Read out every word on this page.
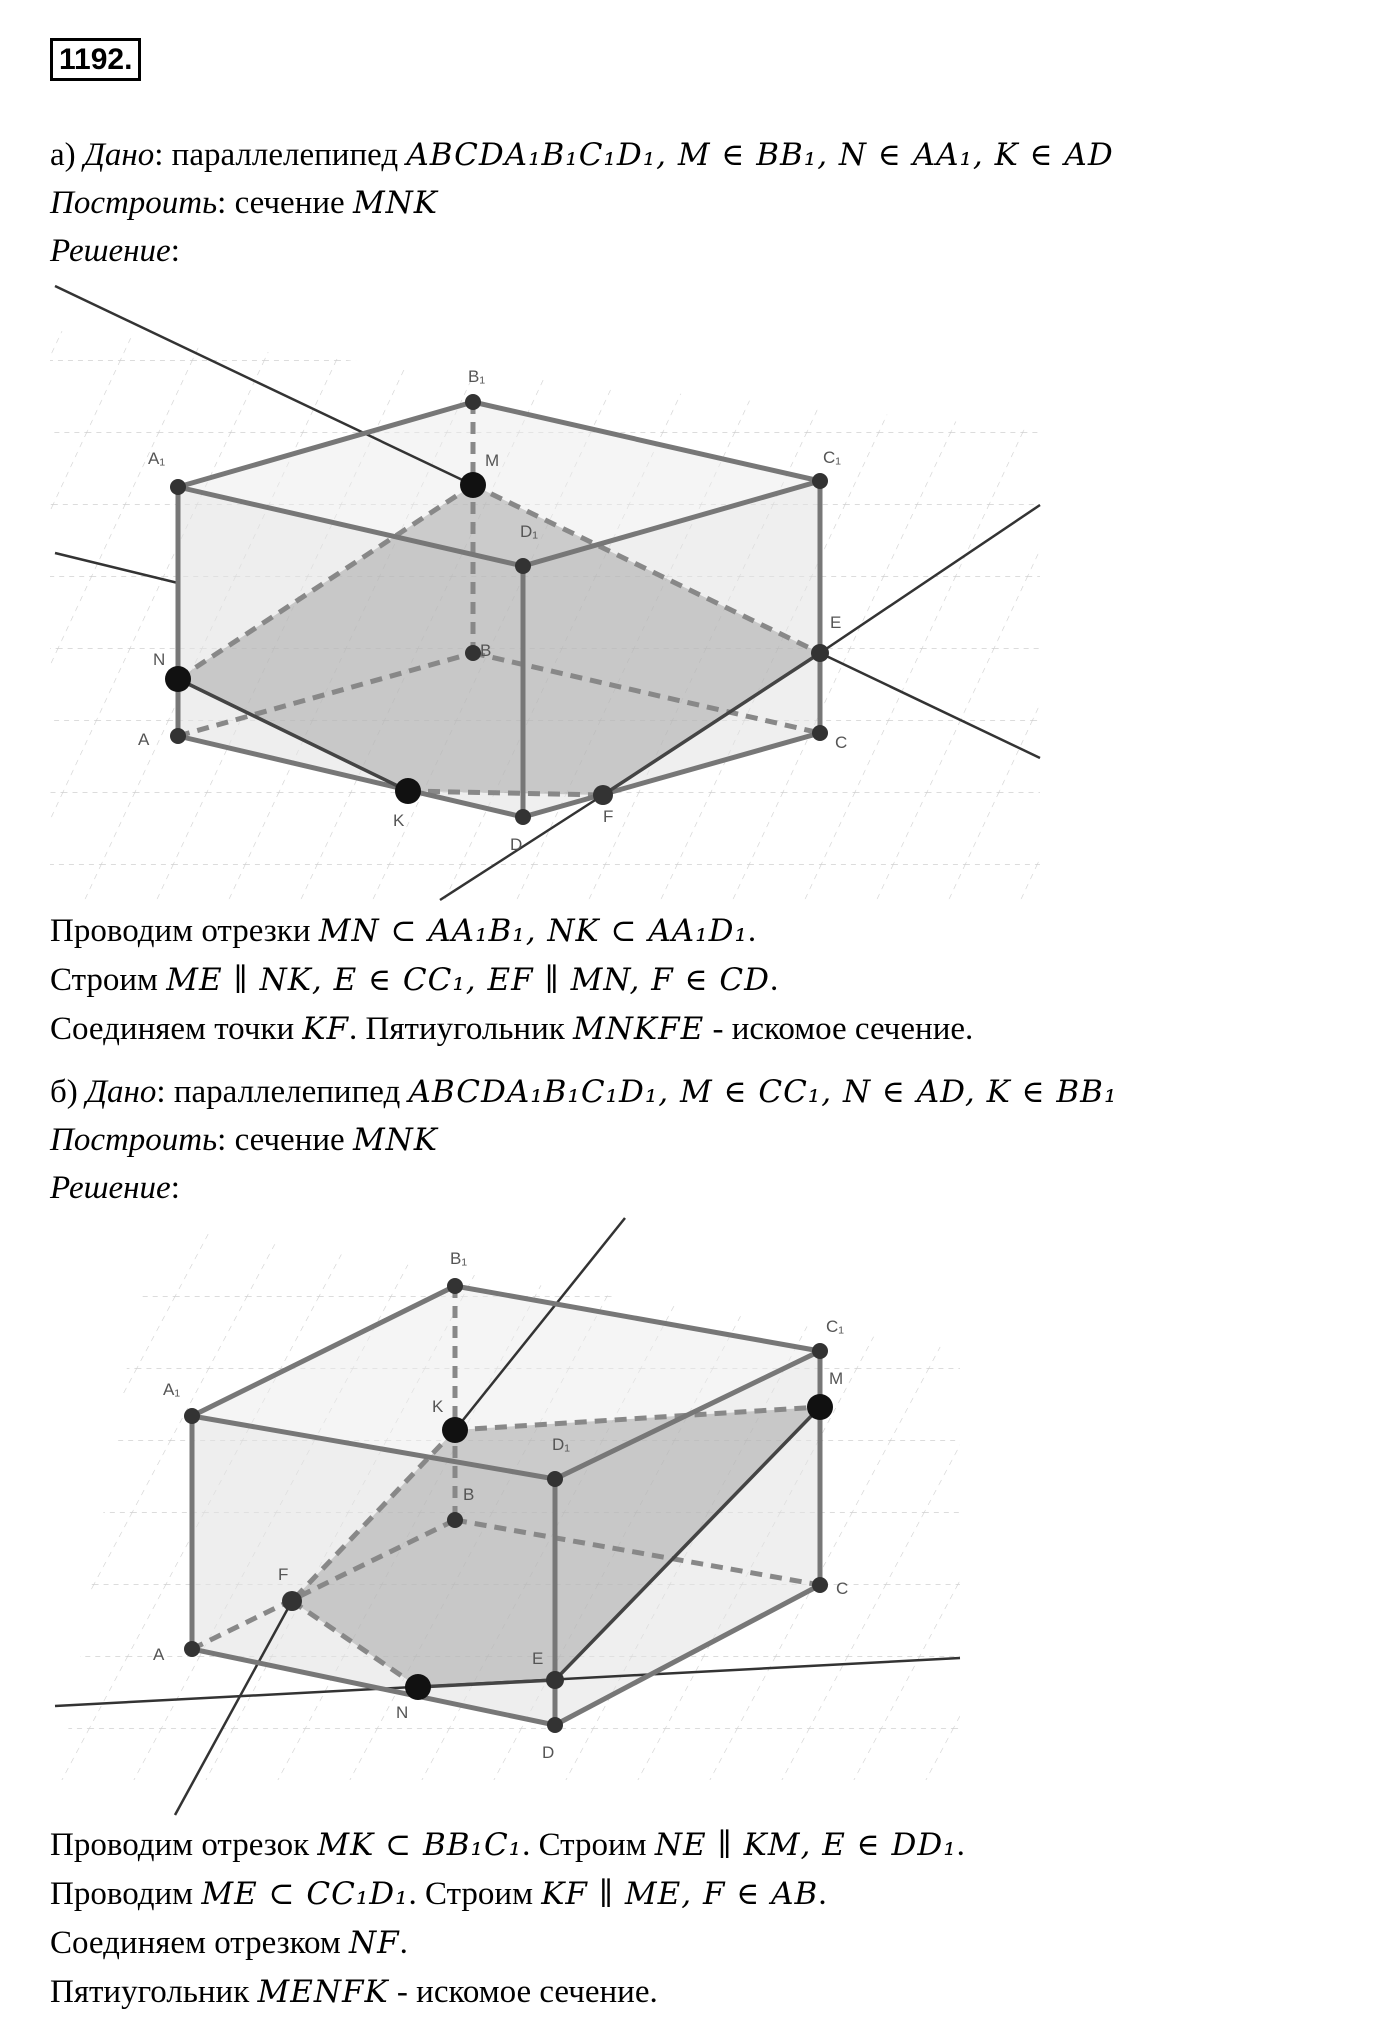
1192.
а) Дано: параллелепипед ABCDA₁B₁C₁D₁, M ∈ BB₁, N ∈ AA₁, K ∈ AD
Построить: сечение MNK
Решение:
A₁
B₁
C₁
D₁
M
B
N
A
K
D
F
E
C
Проводим отрезки MN ⊂ AA₁B₁, NK ⊂ AA₁D₁.
Строим ME ∥ NK, E ∈ CC₁, EF ∥ MN, F ∈ CD.
Соединяем точки KF. Пятиугольник MNKFE - искомое сечение.
б) Дано: параллелепипед ABCDA₁B₁C₁D₁, M ∈ CC₁, N ∈ AD, K ∈ BB₁
Построить: сечение MNK
Решение:
A₁
B₁
C₁
M
K
D₁
B
C
F
A	E
N
D
Проводим отрезок MK ⊂ BB₁C₁. Строим NE ∥ KM, E ∈ DD₁.
Проводим ME ⊂ CC₁D₁. Строим KF ∥ ME, F ∈ AB.
Соединяем отрезком NF.
Пятиугольник MENFK - искомое сечение.
